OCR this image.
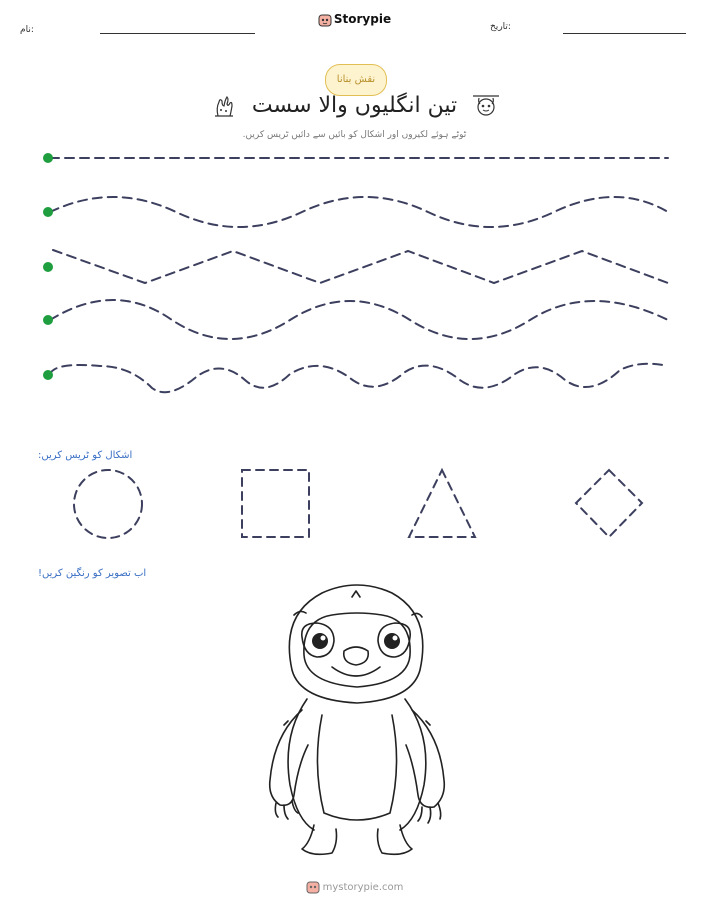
Storypie
نام:	تاریخ:
نقش بنانا
تین انگلیوں والا سست
ٹوٹے ہوئے لکیروں اور اشکال کو بائیں سے دائیں ٹریس کریں.
اشکال کو ٹریس کریں:
اب تصویر کو رنگین کریں!
mystorypie.com
